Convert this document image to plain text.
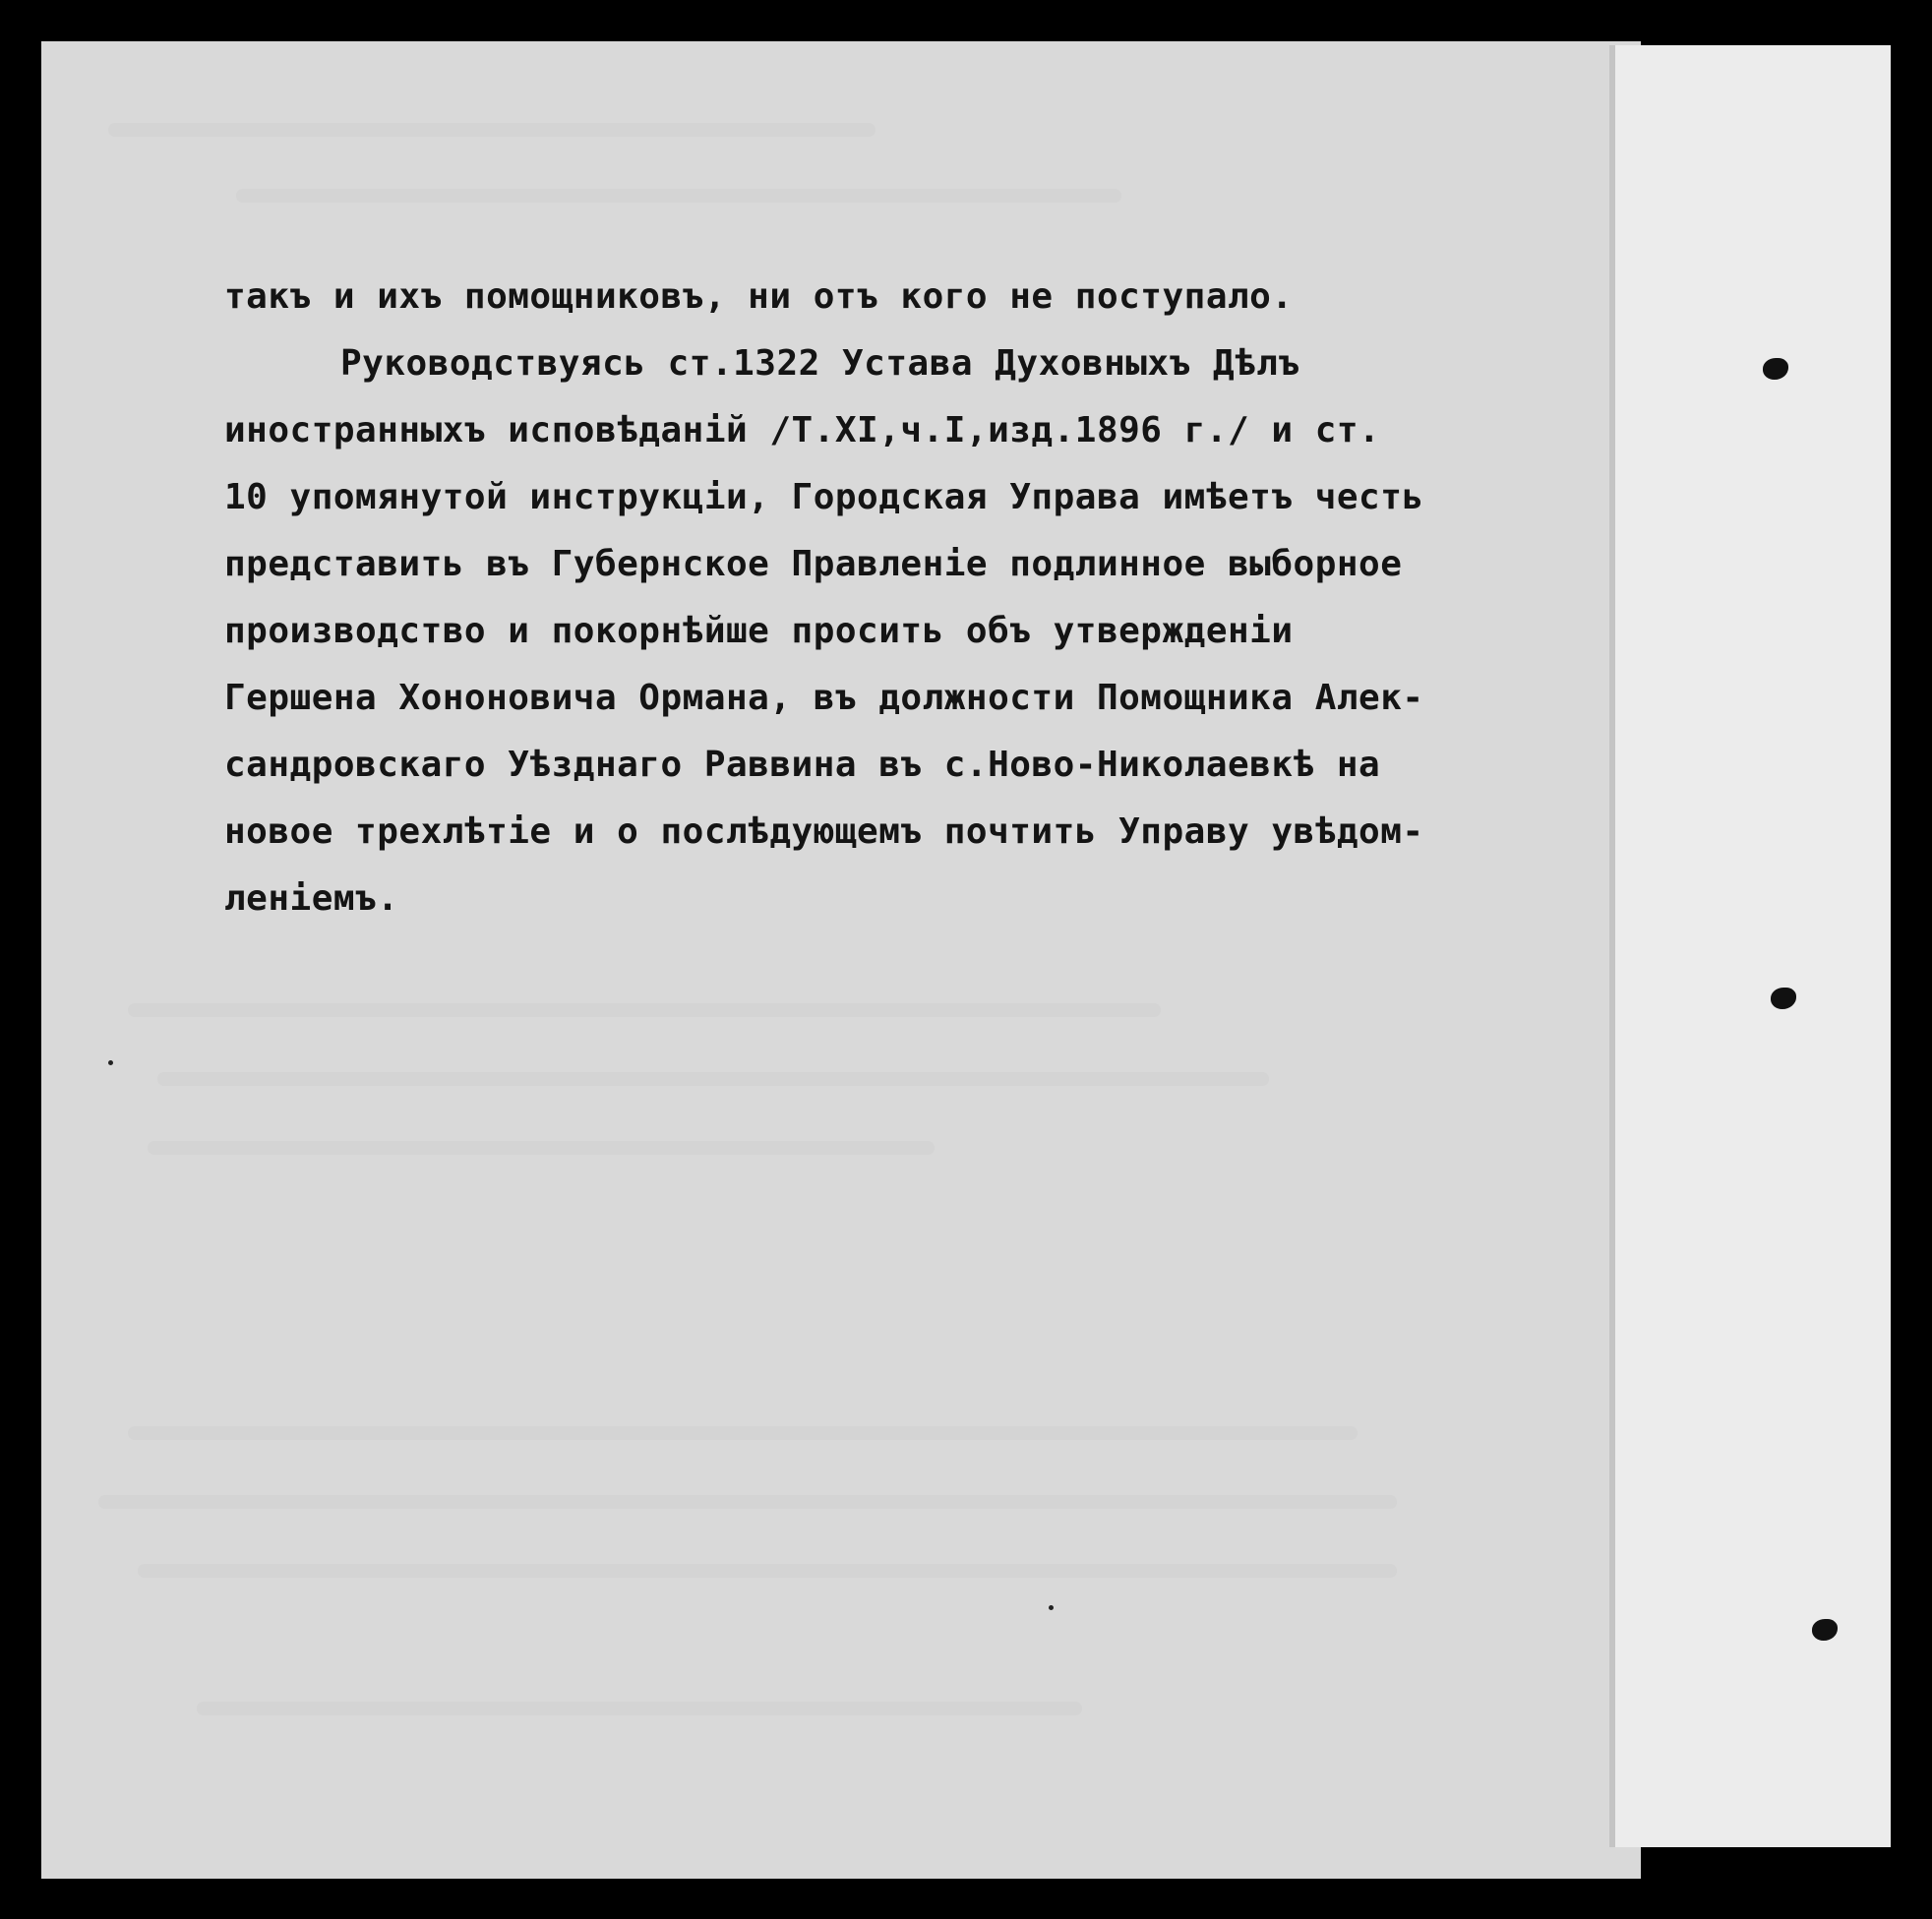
такъ и ихъ помощниковъ, ни отъ кого не поступало.
Руководствуясь ст.1322 Устава Духовныхъ Дѣлъ
иностранныхъ исповѣданій /Т.XI,ч.I,изд.1896 г./ и ст.
10 упомянутой инструкціи, Городская Управа имѣетъ честь
представить въ Губернское Правленіе подлинное выборное
производство и покорнѣйше просить объ утвержденіи
Гершена Хононовича Ормана, въ должности Помощника Алек-
сандровскаго Уѣзднаго Раввина въ с.Ново-Николаевкѣ на
новое трехлѣтіе и о послѣдующемъ почтить Управу увѣдом-
леніемъ.
